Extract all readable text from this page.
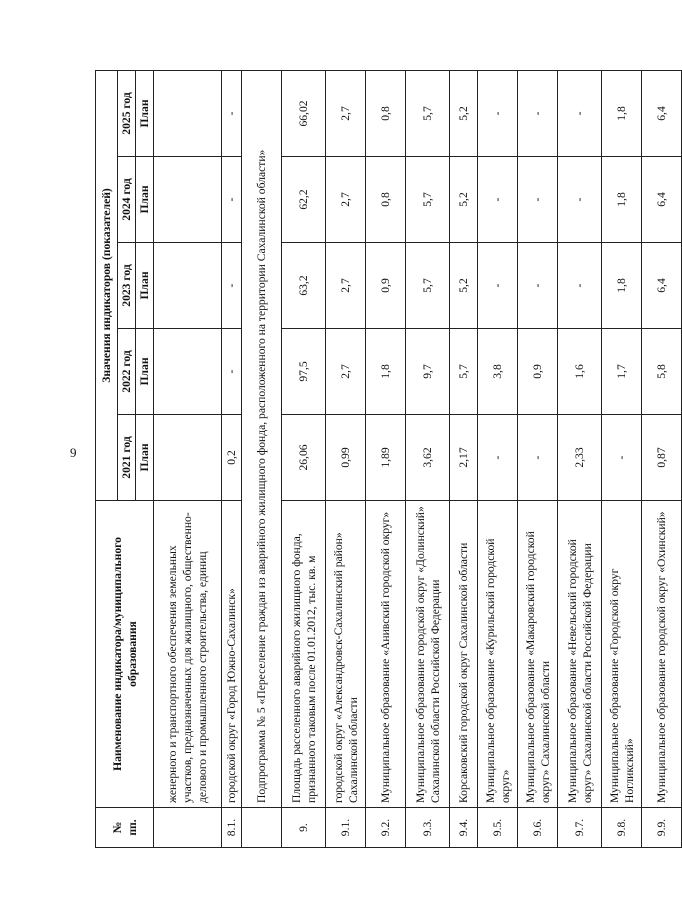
9
№
пп.	Наименование индикатора/муниципального образования	Значения индикаторов (показателей)				
		2021 год	2022 год	2023 год	2024 год	2025 год
		План	План	План	План	План
	женерного и транспортного обеспечения земельных участков, предназначенных для жилищного, общественно-делового и промышленного строительства, единиц					
8.1.	городской округ «Город Южно-Сахалинск»	0,2	-	-	-	-
	Подпрограмма № 5 «Переселение граждан из аварийного жилищного фонда, расположенного на территории Сахалинской области»					
9.	Площадь расселенного аварийного жилищного фонда, признанного таковым после 01.01.2012, тыс. кв. м	26,06	97,5	63,2	62,2	66,02
9.1.	городской округ «Александровск-Сахалинский район» Сахалинской области	0,99	2,7	2,7	2,7	2,7
9.2.	Муниципальное образование «Анивский городской округ»	1,89	1,8	0,9	0,8	0,8
9.3.	Муниципальное образование городской округ «Долинский» Сахалинской области Российской Федерации	3,62	9,7	5,7	5,7	5,7
9.4.	Корсаковский городской округ Сахалинской области	2,17	5,7	5,2	5,2	5,2
9.5.	Муниципальное образование «Курильский городской округ»	-	3,8	-	-	-
9.6.	Муниципальное образование «Макаровский городской округ» Сахалинской области	-	0,9	-	-	-
9.7.	Муниципальное образование «Невельский городской округ» Сахалинской области Российской Федерации	2,33	1,6	-	-	-
9.8.	Муниципальное образование «Городской округ Ногликский»	-	1,7	1,8	1,8	1,8
9.9.	Муниципальное образование городской округ «Охинский»	0,87	5,8	6,4	6,4	6,4
